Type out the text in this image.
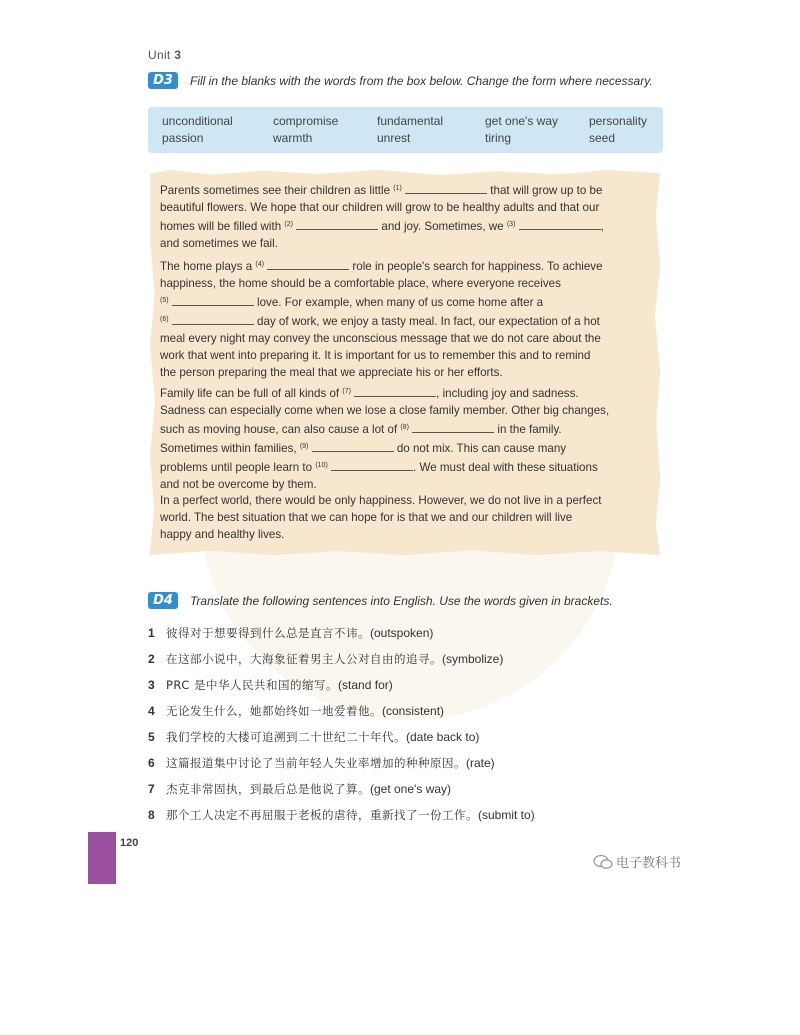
Unit 3
D3	Fill in the blanks with the words from the box below. Change the form where necessary.
unconditional	compromise	fundamental	get one's way	personality
passion	warmth	unrest	tiring	seed

Parents sometimes see their children as little $^{(1)}$	that will grow up to be

beautiful flowers. We hope that our children will grow to be healthy adults and that our

homes will be filled with $^{(2)}$	and joy. Sometimes, we $^{(3)}$	,

and sometimes we fail.

The home plays a $^{(4)}$	role in people's search for happiness. To achieve

happiness, the home should be a comfortable place, where everyone receives

$^{(5)}$	love. For example, when many of us come home after a

$^{(6)}$	day of work, we enjoy a tasty meal. In fact, our expectation of a hot

meal every night may convey the unconscious message that we do not care about the

work that went into preparing it. It is important for us to remember this and to remind

the person preparing the meal that we appreciate his or her efforts.

Family life can be full of all kinds of $^{(7)}$	, including joy and sadness.

Sadness can especially come when we lose a close family member. Other big changes,

such as moving house, can also cause a lot of $^{(8)}$	in the family.

Sometimes within families, $^{(9)}$	do not mix. This can cause many

problems until people learn to $^{(10)}$	. We must deal with these situations

and not be overcome by them.

In a perfect world, there would be only happiness. However, we do not live in a perfect

world. The best situation that we can hope for is that we and our children will live

happy and healthy lives.

D4	Translate the following sentences into English. Use the words given in brackets.
1 彼得对于想要得到什么总是直言不讳。(outspoken)
2 在这部小说中，大海象征着男主人公对自由的追寻。(symbolize)
3 PRC 是中华人民共和国的缩写。(stand for)
4 无论发生什么，她都始终如一地爱着他。(consistent)
5 我们学校的大楼可追溯到二十世纪二十年代。(date back to)
6 这篇报道集中讨论了当前年轻人失业率增加的种种原因。(rate)
7 杰克非常固执，到最后总是他说了算。(get one's way)
8 那个工人决定不再屈服于老板的虐待，重新找了一份工作。(submit to)
120
电子教科书
